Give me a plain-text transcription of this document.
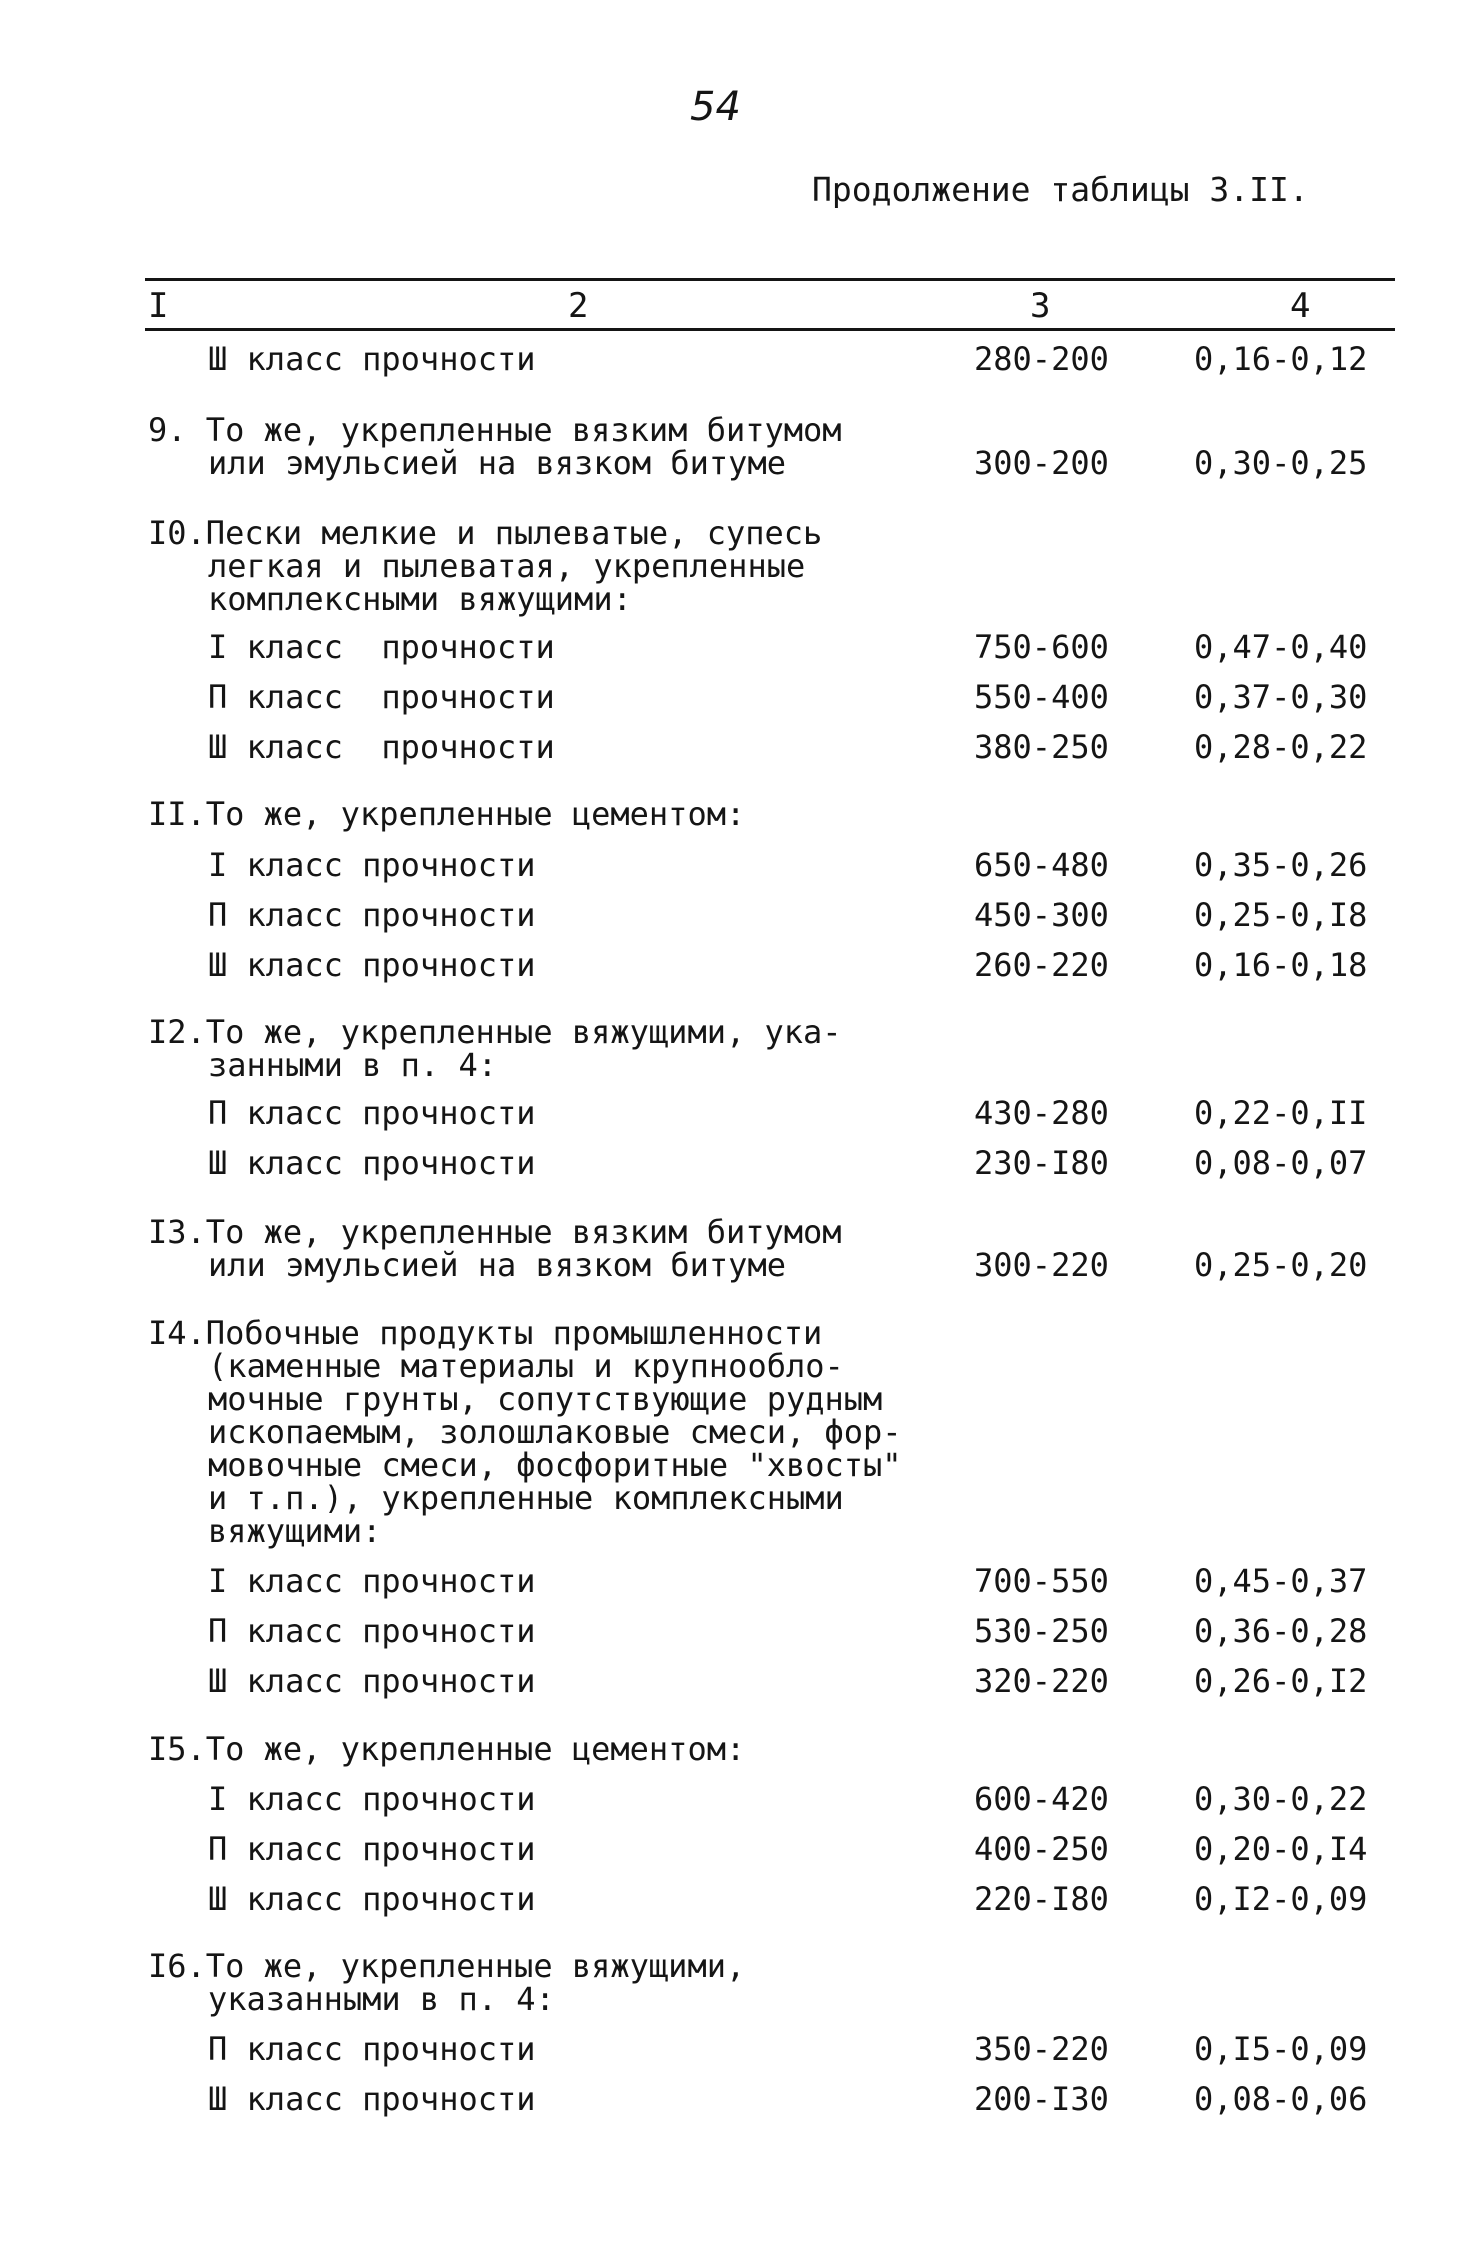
54
Продолжение таблицы 3.II.
I	2	3	4
Ш класс прочности	280-200	0,16-0,12
9. То же, укрепленные вязким битумом
или эмульсией на вязком битуме	300-200	0,30-0,25
I0.Пески мелкие и пылеватые, супесь
легкая и пылеватая, укрепленные
комплексными вяжущими:
I класс  прочности	750-600	0,47-0,40
П класс  прочности	550-400	0,37-0,30
Ш класс  прочности	380-250	0,28-0,22
II.То же, укрепленные цементом:
I класс прочности	650-480	0,35-0,26
П класс прочности	450-300	0,25-0,I8
Ш класс прочности	260-220	0,16-0,18
I2.То же, укрепленные вяжущими, ука-
занными в п. 4:
П класс прочности	430-280	0,22-0,II
Ш класс прочности	230-I80	0,08-0,07
I3.То же, укрепленные вязким битумом
или эмульсией на вязком битуме	300-220	0,25-0,20
I4.Побочные продукты промышленности
(каменные материалы и крупнообло-
мочные грунты, сопутствующие рудным
ископаемым, золошлаковые смеси, фор-
мовочные смеси, фосфоритные "хвосты"
и т.п.), укрепленные комплексными
вяжущими:
I класс прочности	700-550	0,45-0,37
П класс прочности	530-250	0,36-0,28
Ш класс прочности	320-220	0,26-0,I2
I5.То же, укрепленные цементом:
I класс прочности	600-420	0,30-0,22
П класс прочности	400-250	0,20-0,I4
Ш класс прочности	220-I80	0,I2-0,09
I6.То же, укрепленные вяжущими,
указанными в п. 4:
П класс прочности	350-220	0,I5-0,09
Ш класс прочности	200-I30	0,08-0,06
